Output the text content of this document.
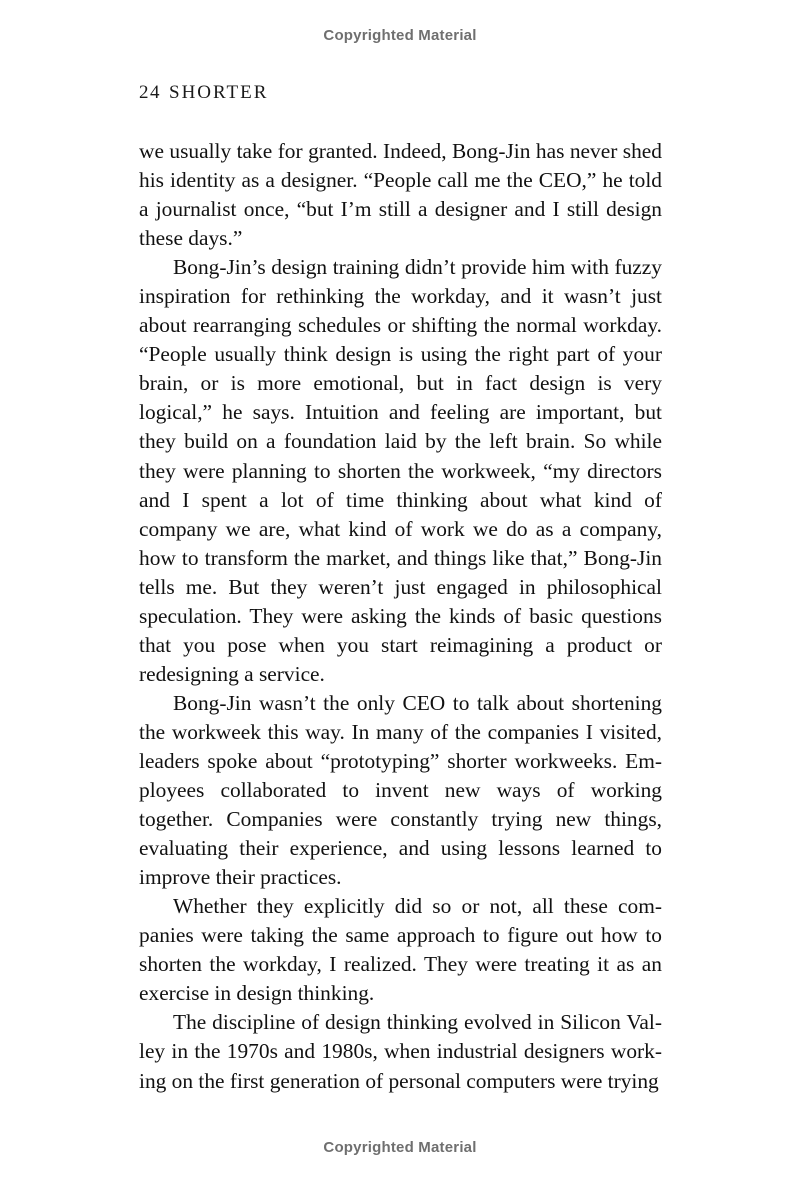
Copyrighted Material
24 SHORTER

we usually take for granted. Indeed, Bong-Jin has never shed his identity as a designer. “People call me the CEO,” he told a journalist once, “but I’m still a designer and I still design these days.”

Bong-Jin’s design training didn’t provide him with fuzzy inspiration for rethinking the workday, and it wasn’t just about rearranging schedules or shifting the normal workday. “People usually think design is using the right part of your brain, or is more emotional, but in fact design is very logical,” he says. Intuition and feeling are important, but they build on a foundation laid by the left brain. So while they were planning to shorten the workweek, “my directors and I spent a lot of time thinking about what kind of company we are, what kind of work we do as a company, how to transform the market, and things like that,” Bong-Jin tells me. But they weren’t just engaged in philosophical speculation. They were asking the kinds of basic questions that you pose when you start reimagining a product or redesigning a service.

Bong-Jin wasn’t the only CEO to talk about shortening the workweek this way. In many of the companies I visited, leaders spoke about “prototyping” shorter workweeks. Employees collaborated to invent new ways of working together. Companies were constantly trying new things, evaluating their experience, and using lessons learned to improve their practices.

Whether they explicitly did so or not, all these companies were taking the same approach to figure out how to shorten the workday, I realized. They were treating it as an exercise in design thinking.

The discipline of design thinking evolved in Silicon Valley in the 1970s and 1980s, when industrial designers working on the first generation of personal computers were trying

Copyrighted Material
